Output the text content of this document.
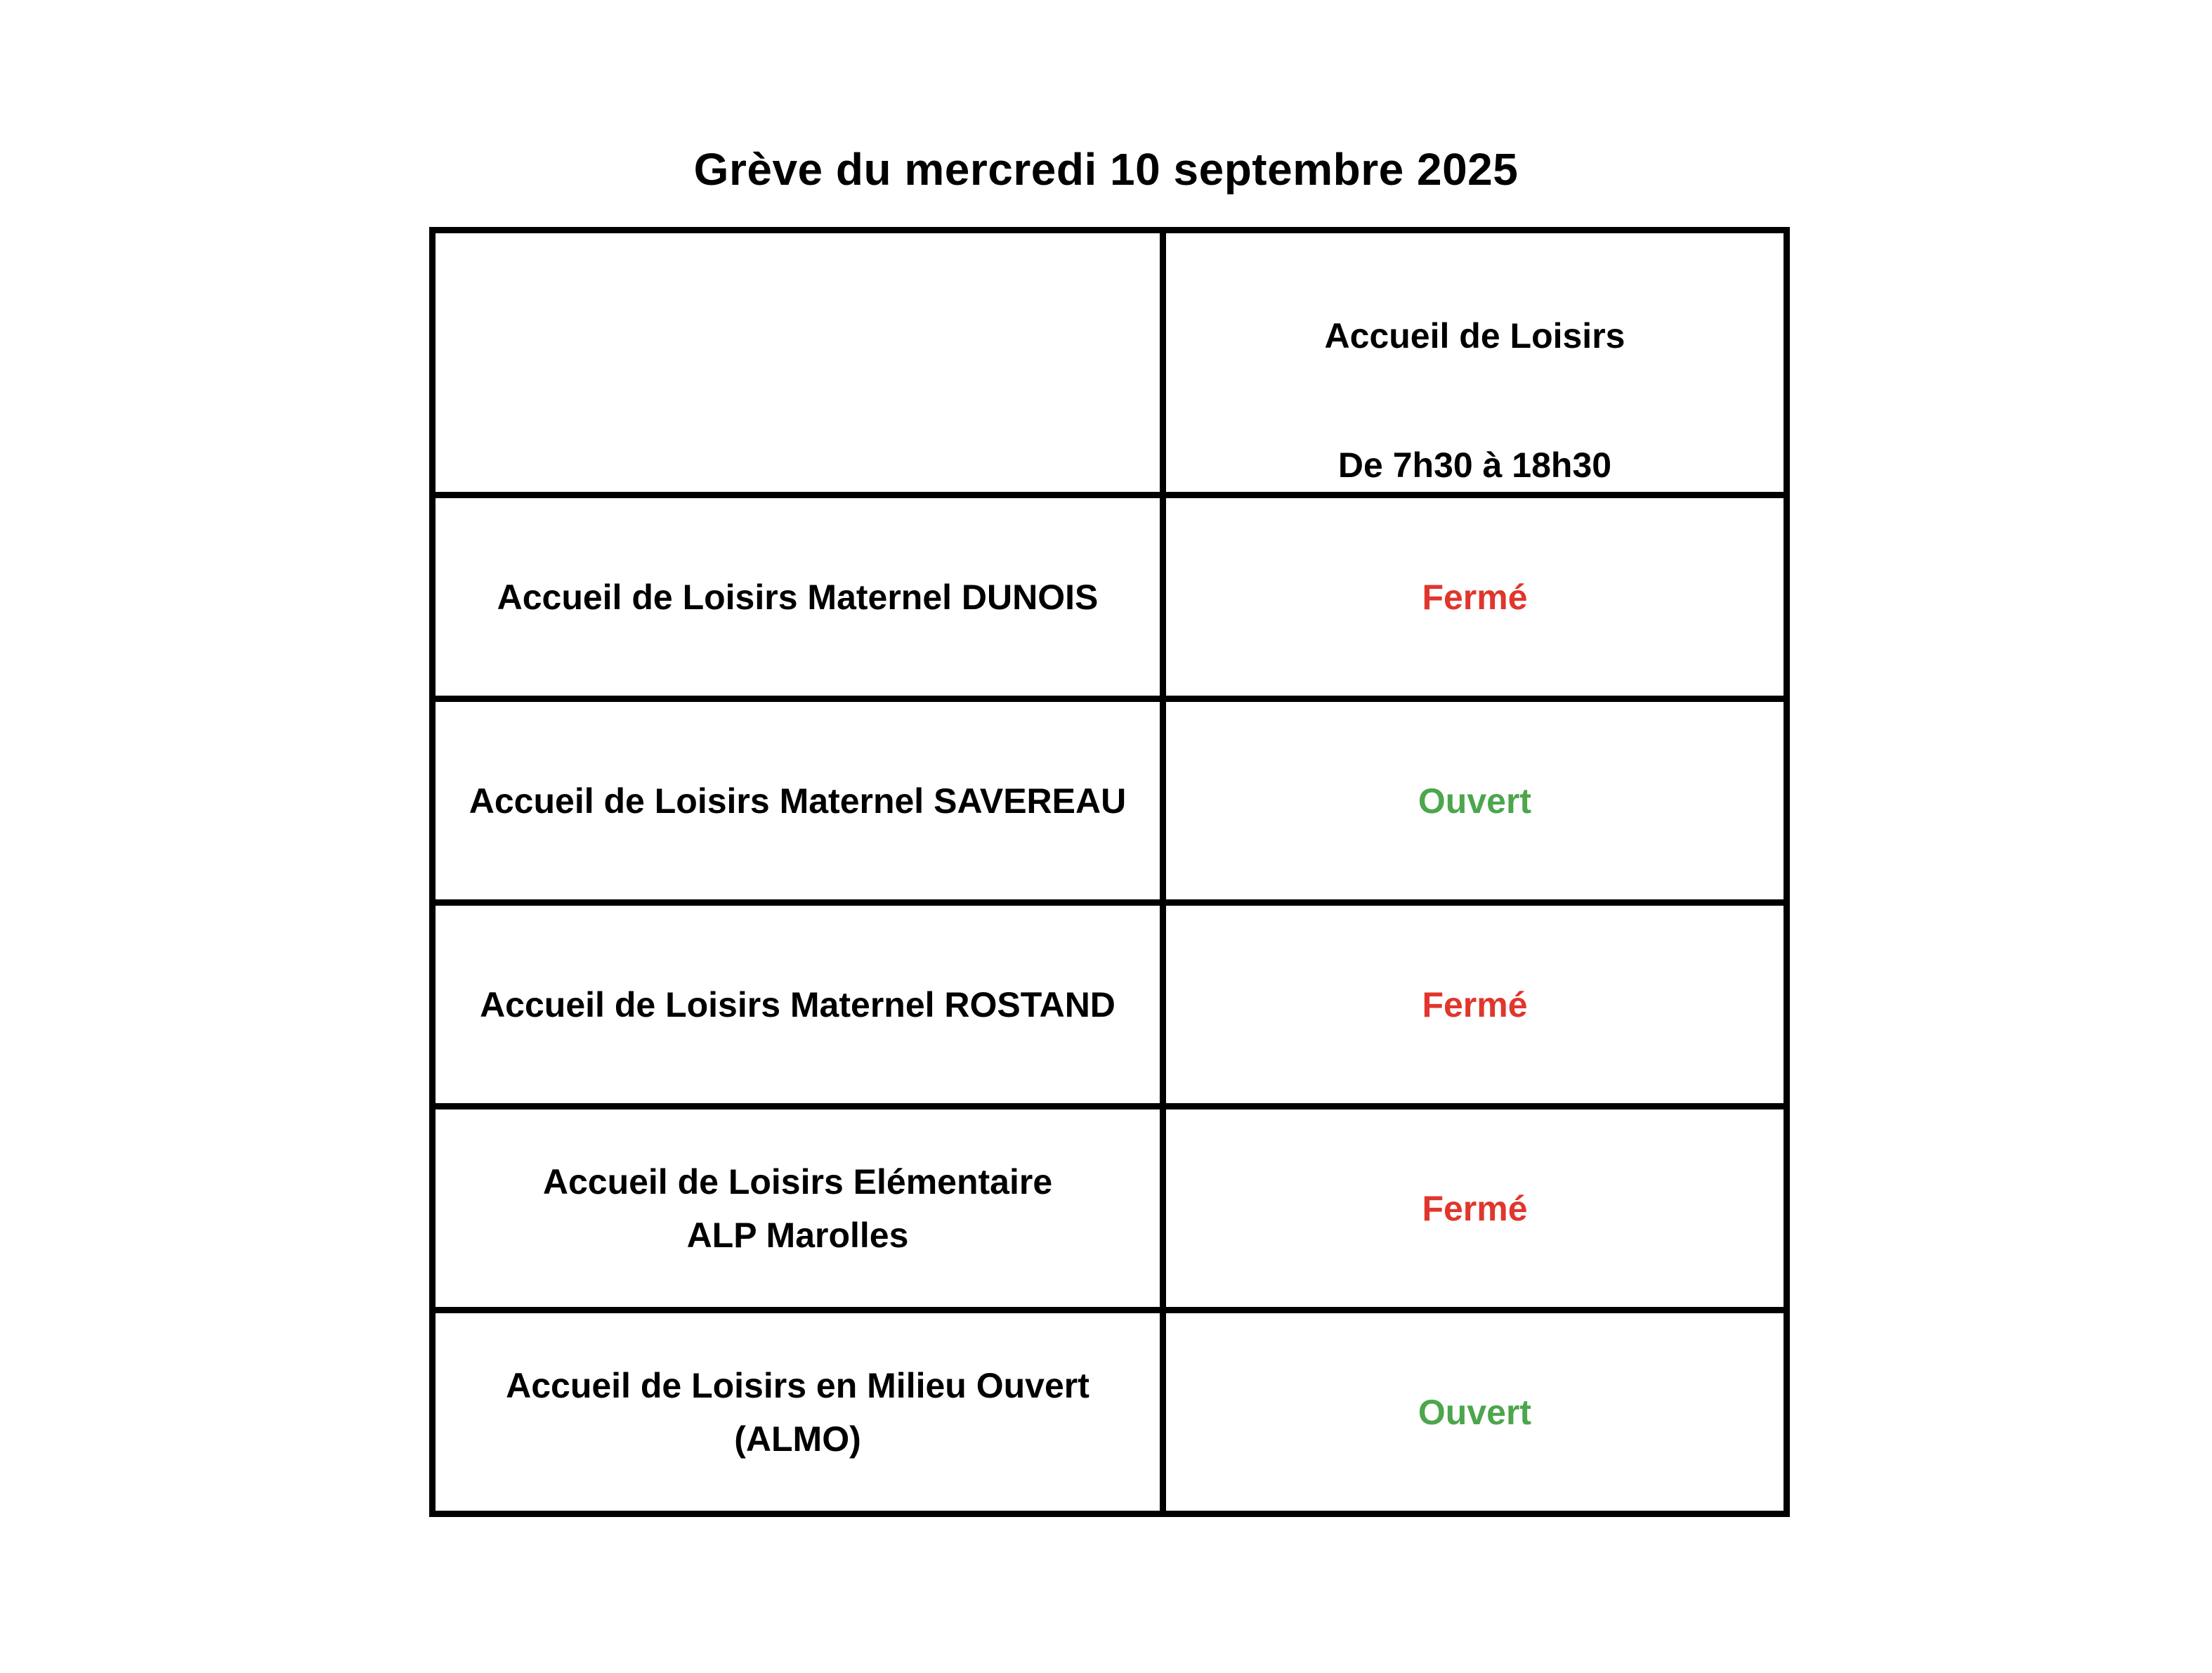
Grève du mercredi 10 septembre 2025

	Accueil de Loisirs
De 7h30 à 18h30

Accueil de Loisirs Maternel DUNOIS	Fermé

Accueil de Loisirs Maternel SAVEREAU	Ouvert

Accueil de Loisirs Maternel ROSTAND	Fermé

Accueil de Loisirs Elémentaire
ALP Marolles	Fermé

Accueil de Loisirs en Milieu Ouvert
(ALMO)	Ouvert
